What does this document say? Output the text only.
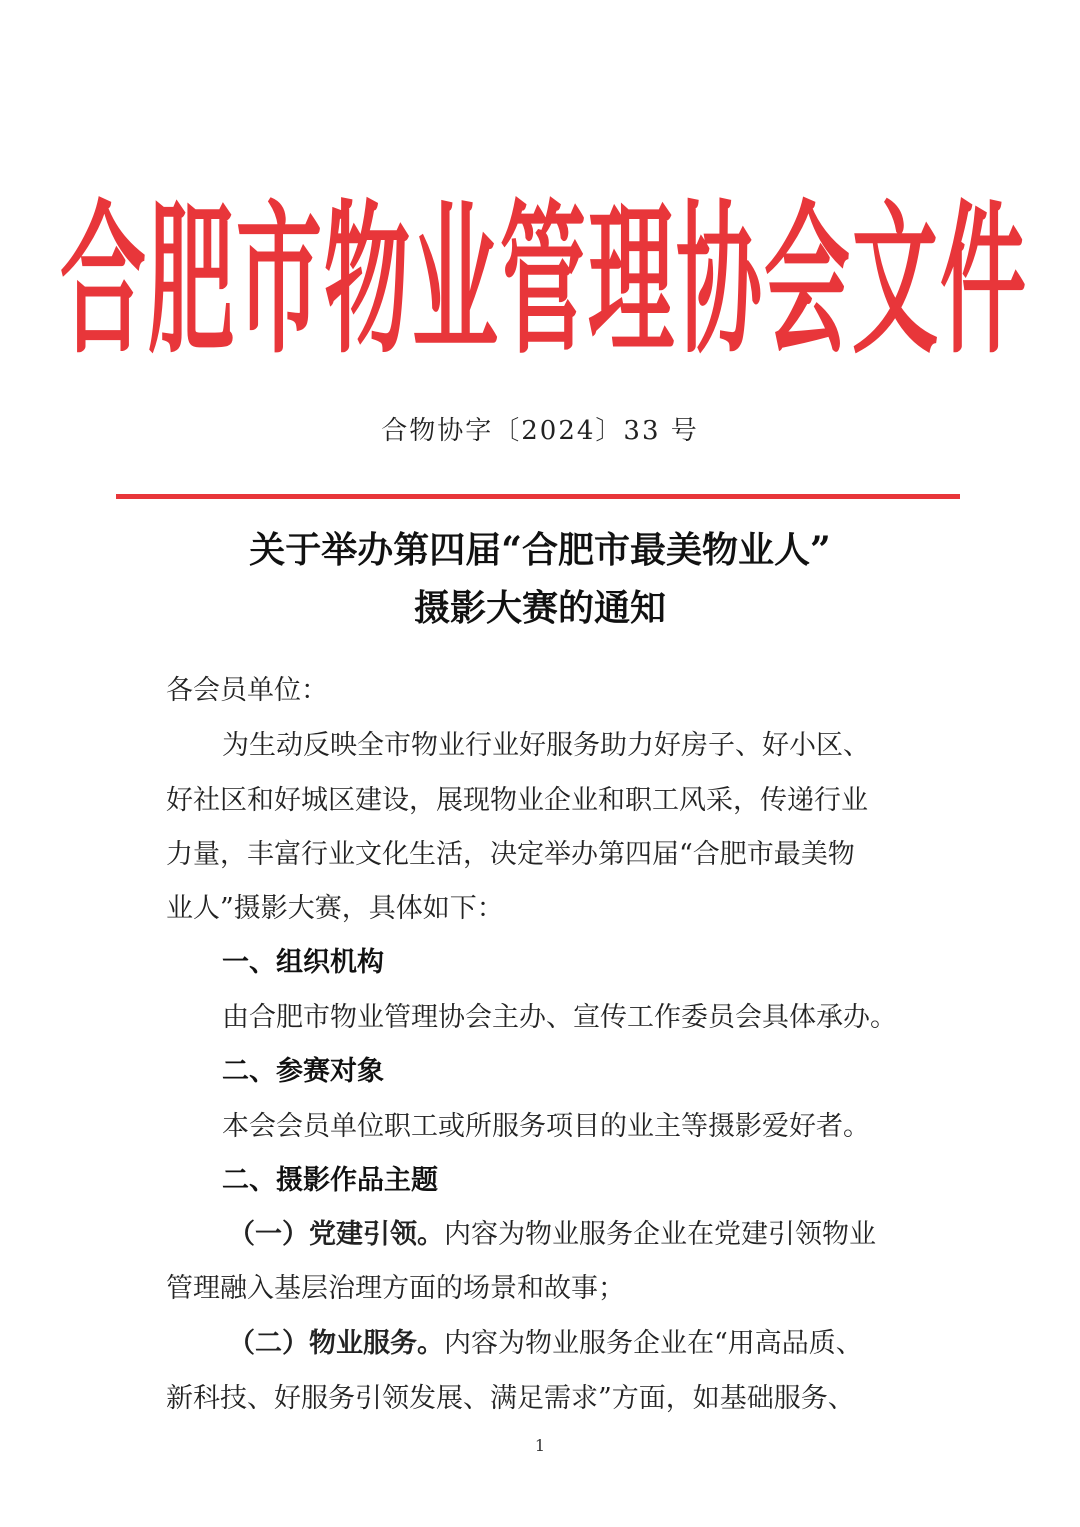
合 肥 市 物 业 管 理 协 会 文 件
合物协字〔2024〕33 号
关于举办第四届“合肥市最美物业人”
摄影大赛的通知
各会员单位：
为生动反映全市物业行业好服务助力好房子、好小区、
好社区和好城区建设，展现物业企业和职工风采，传递行业
力量，丰富行业文化生活，决定举办第四届“合肥市最美物
业人”摄影大赛，具体如下：
一、组织机构
由合肥市物业管理协会主办、宣传工作委员会具体承办。
二、参赛对象
本会会员单位职工或所服务项目的业主等摄影爱好者。
二、摄影作品主题
（一）党建引领。内容为物业服务企业在党建引领物业
管理融入基层治理方面的场景和故事；
（二）物业服务。内容为物业服务企业在“用高品质、
新科技、好服务引领发展、满足需求”方面，如基础服务、
1
